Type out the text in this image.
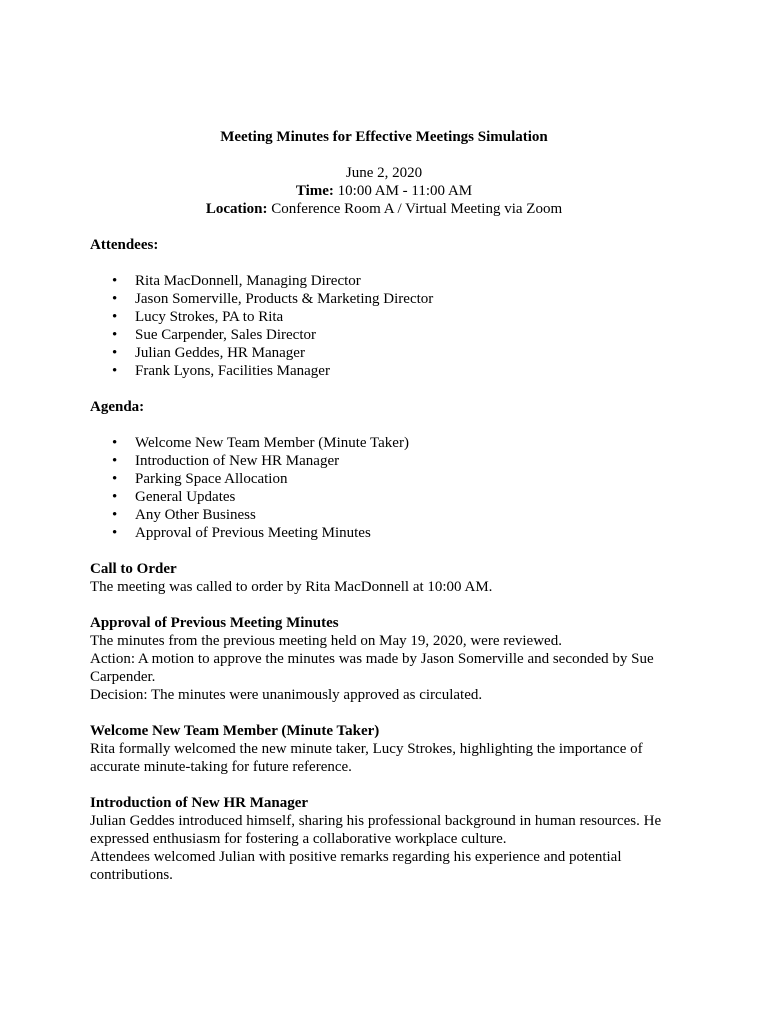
Meeting Minutes for Effective Meetings Simulation

June 2, 2020
Time: 10:00 AM - 11:00 AM
Location: Conference Room A / Virtual Meeting via Zoom
Attendees:
• Rita MacDonnell, Managing Director
• Jason Somerville, Products & Marketing Director
• Lucy Strokes, PA to Rita
• Sue Carpender, Sales Director
• Julian Geddes, HR Manager
• Frank Lyons, Facilities Manager
Agenda:
• Welcome New Team Member (Minute Taker)
• Introduction of New HR Manager
• Parking Space Allocation
• General Updates
• Any Other Business
• Approval of Previous Meeting Minutes
Call to Order
The meeting was called to order by Rita MacDonnell at 10:00 AM.
Approval of Previous Meeting Minutes
The minutes from the previous meeting held on May 19, 2020, were reviewed.
Action: A motion to approve the minutes was made by Jason Somerville and seconded by Sue Carpender.
Decision: The minutes were unanimously approved as circulated.
Welcome New Team Member (Minute Taker)
Rita formally welcomed the new minute taker, Lucy Strokes, highlighting the importance of accurate minute-taking for future reference.
Introduction of New HR Manager
Julian Geddes introduced himself, sharing his professional background in human resources. He expressed enthusiasm for fostering a collaborative workplace culture.
Attendees welcomed Julian with positive remarks regarding his experience and potential contributions.
